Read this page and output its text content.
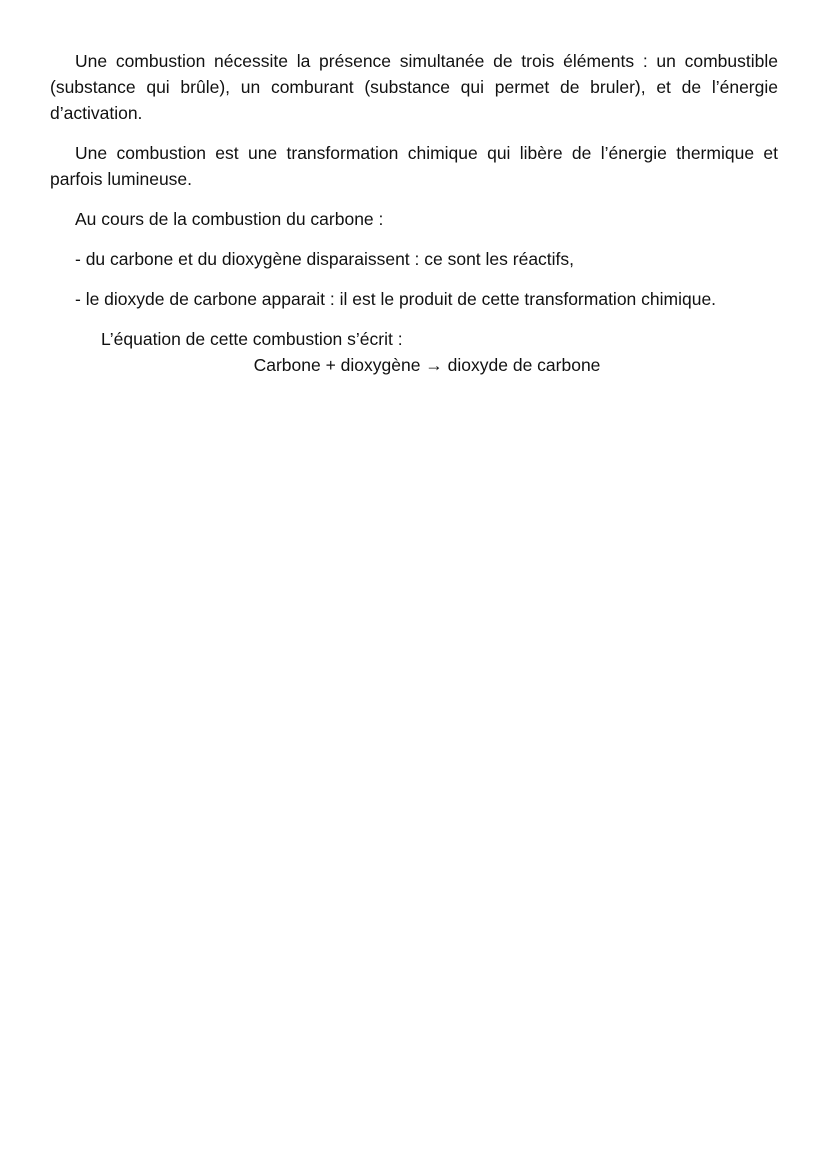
Une combustion nécessite la présence simultanée de trois éléments : un combustible (substance qui brûle), un comburant (substance qui permet de bruler), et de l’énergie d’activation.

Une combustion est une transformation chimique qui libère de l’énergie thermique et parfois lumineuse.

Au cours de la combustion du carbone :

- du carbone et du dioxygène disparaissent : ce sont les réactifs,

- le dioxyde de carbone apparait : il est le produit de cette transformation chimique.

L’équation de cette combustion s’écrit :

Carbone + dioxygène → dioxyde de carbone
